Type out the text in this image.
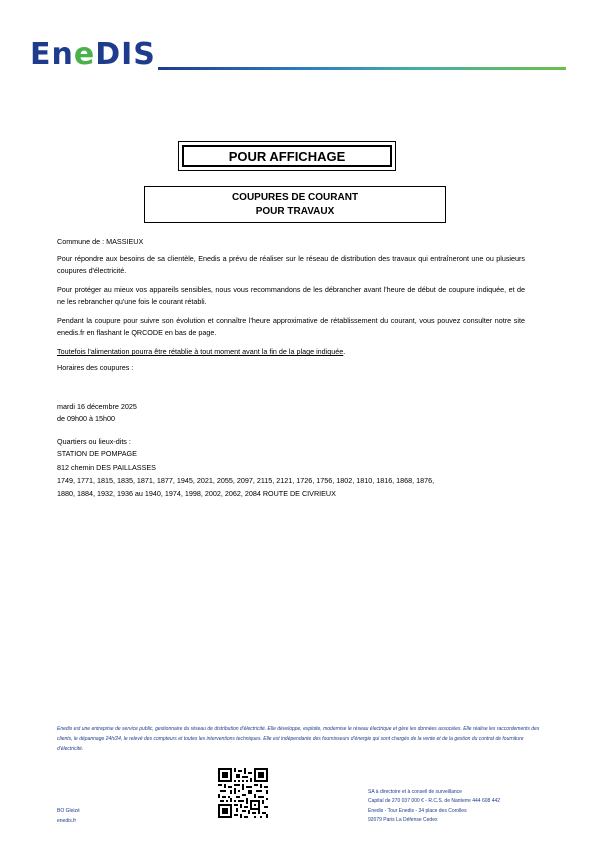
EneDIS
POUR AFFICHAGE
COUPURES DE COURANT
POUR TRAVAUX
Commune de : MASSIEUX
Pour répondre aux besoins de sa clientèle, Enedis a prévu de réaliser sur le réseau de distribution des travaux qui entraîneront une ou plusieurs coupures d'électricité.
Pour protéger au mieux vos appareils sensibles, nous vous recommandons de les débrancher avant l'heure de début de coupure indiquée, et de ne les rebrancher qu'une fois le courant rétabli.
Pendant la coupure pour suivre son évolution et connaître l'heure approximative de rétablissement du courant, vous pouvez consulter notre site enedis.fr en flashant le QRCODE en bas de page.
Toutefois l'alimentation pourra être rétablie à tout moment avant la fin de la plage indiquée.
Horaires des coupures :
mardi 16 décembre 2025
de 09h00 à 15h00
Quartiers ou lieux-dits :
STATION DE POMPAGE
812 chemin DES PAILLASSES
1749, 1771, 1815, 1835, 1871, 1877, 1945, 2021, 2055, 2097, 2115, 2121, 1726, 1756, 1802, 1810, 1816, 1868, 1876,
1880, 1884, 1932, 1936 au 1940, 1974, 1998, 2002, 2062, 2084 ROUTE DE CIVRIEUX
Enedis est une entreprise de service public, gestionnaire du réseau de distribution d'électricité. Elle développe, exploite, modernise le réseau électrique et gère les données associées. Elle réalise les raccordements des clients, le dépannage 24h/24, le relevé des compteurs et toutes les interventions techniques. Elle est indépendante des fournisseurs d'énergie qui sont chargés de la vente et de la gestion du contrat de fourniture d'électricité.
SA à directoire et à conseil de surveillance
Capital de 270 037 000 € - R.C.S. de Nanterre 444 608 442
Enedis - Tour Enedis - 34 place des Corolles
92079 Paris La Défense Cedex
BO Gleizé
enedis.fr
